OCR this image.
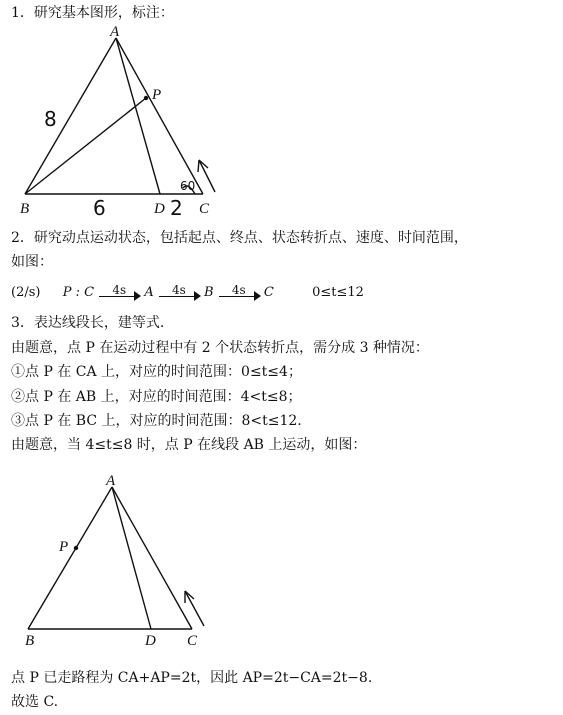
1．研究基本图形，标注：
A
P
B	D C
8
6	2
60
2．研究动点运动状态，包括起点、终点、状态转折点、速度、时间范围，
如图：
(2/s) P : C	4s	A	4s	B	4s	C	0≤t≤12
3．表达线段长，建等式.
由题意，点 P 在运动过程中有 2 个状态转折点，需分成 3 种情况：
①点 P 在 CA 上，对应的时间范围：0≤t≤4；
②点 P 在 AB 上，对应的时间范围：4<t≤8；
③点 P 在 BC 上，对应的时间范围：8<t≤12.
由题意，当 4≤t≤8 时，点 P 在线段 AB 上运动，如图：
A
P
B	D C
点 P 已走路程为 CA+AP=2t，因此 AP=2t−CA=2t−8.
故选 C.
